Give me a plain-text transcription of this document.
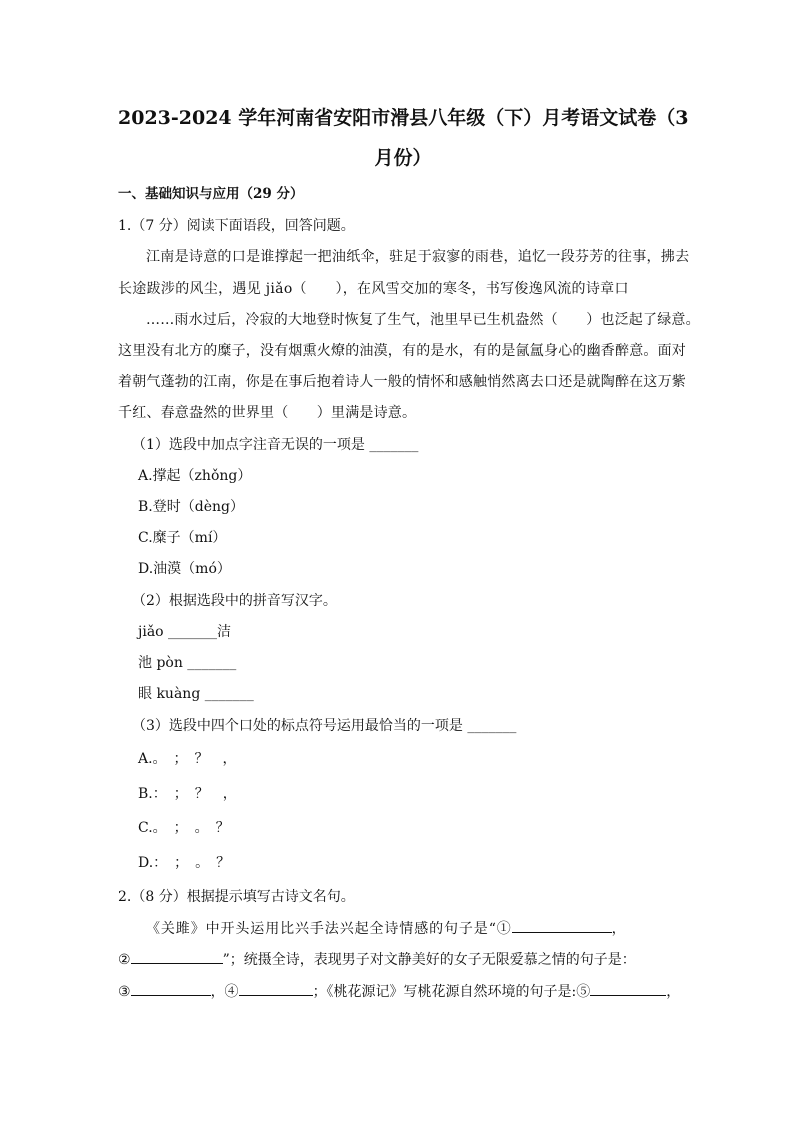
2023-2024 学年河南省安阳市滑县八年级（下）月考语文试卷（3
月份）
一、基础知识与应用（29 分）
1.（7 分）阅读下面语段，回答问题。
江南是诗意的口是谁撑起一把油纸伞，驻足于寂寥的雨巷，追忆一段芬芳的往事，拂去
长途跋涉的风尘，遇见 jiǎo（　　），在风雪交加的寒冬，书写俊逸风流的诗章口
……雨水过后，冷寂的大地登时恢复了生气，池里早已生机盎然（　　）也泛起了绿意。
这里没有北方的糜子，没有烟熏火燎的油漠，有的是水，有的是氤氲身心的幽香醉意。面对
着朝气蓬勃的江南，你是在事后抱着诗人一般的情怀和感触悄然离去口还是就陶醉在这万紫
千红、春意盎然的世界里（　　）里满是诗意。
（1）选段中加点字注音无误的一项是 _______
A.撑起（zhǒng）
B.登时（dèng）
C.糜子（mí）
D.油漠（mó）
（2）根据选段中的拼音写汉字。
jiǎo _______洁
池 pòn _______
眼 kuàng _______
（3）选段中四个口处的标点符号运用最恰当的一项是 _______
A.。　；　？　，
B.：　；　？　，
C.。　；　。　？
D.：　；　。　？
2.（8 分）根据提示填写古诗文名句。
《关雎》中开头运用比兴手法兴起全诗情感的句子是“①	，
②	”；统摄全诗，表现男子对文静美好的女子无限爱慕之情的句子是：
③	，④	；《桃花源记》写桃花源自然环境的句子是:⑤	，
